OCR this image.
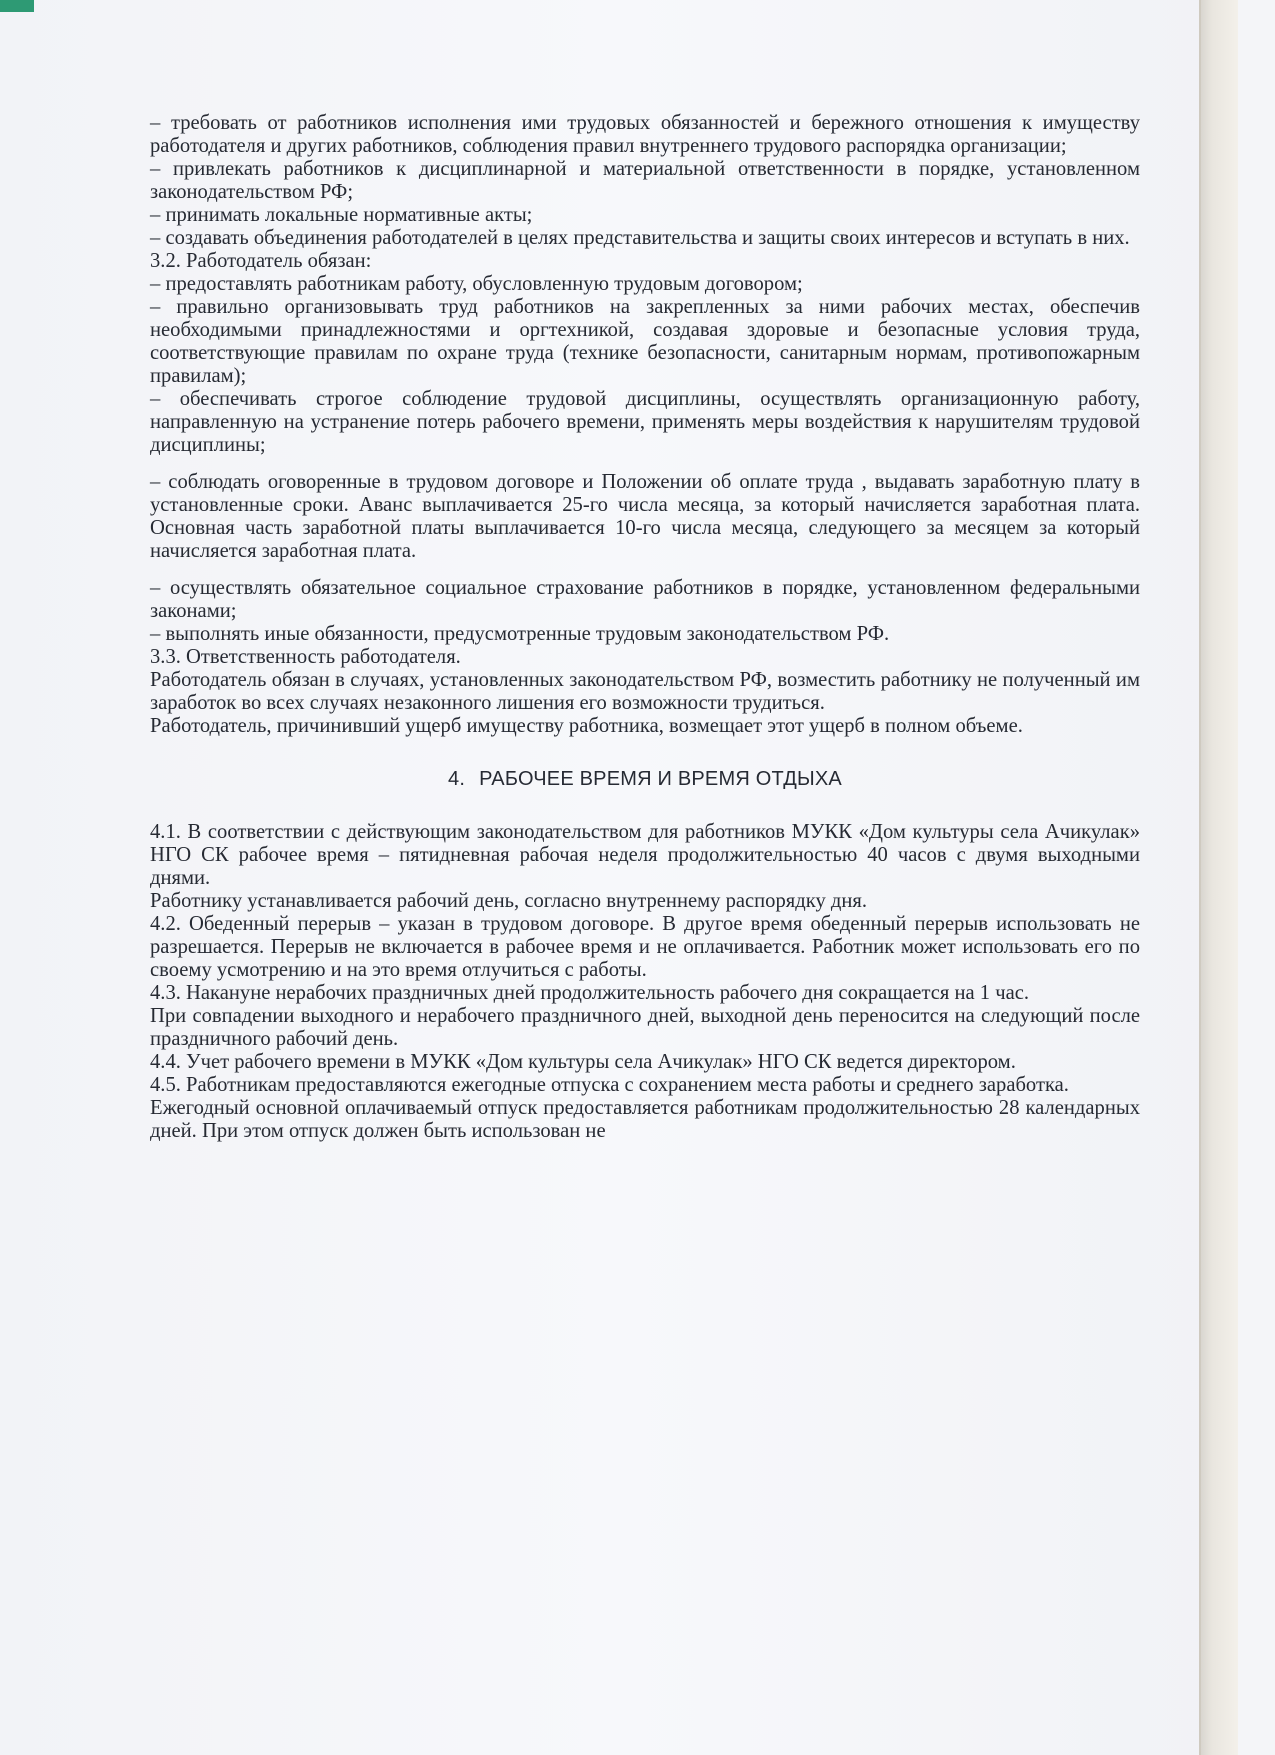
– требовать от работников исполнения ими трудовых обязанностей и бережного отношения к имуществу работодателя и других работников, соблюдения правил внутреннего трудового распорядка организации;

– привлекать работников к дисциплинарной и материальной ответственности в порядке, установленном законодательством РФ;

– принимать локальные нормативные акты;

– создавать объединения работодателей в целях представительства и защиты своих интересов и вступать в них.

3.2. Работодатель обязан:

– предоставлять работникам работу, обусловленную трудовым договором;

– правильно организовывать труд работников на закрепленных за ними рабочих местах, обеспечив необходимыми принадлежностями и оргтехникой, создавая здоровые и безопасные условия труда, соответствующие правилам по охране труда (технике безопасности, санитарным нормам, противопожарным правилам);

– обеспечивать строгое соблюдение трудовой дисциплины, осуществлять организационную работу, направленную на устранение потерь рабочего времени, применять меры воздействия к нарушителям трудовой дисциплины;

– соблюдать оговоренные в трудовом договоре и Положении об оплате труда , выдавать заработную плату в установленные сроки. Аванс выплачивается 25-го числа месяца, за который начисляется заработная плата. Основная часть заработной платы выплачивается 10-го числа месяца, следующего за месяцем за который начисляется заработная плата.

– осуществлять обязательное социальное страхование работников в порядке, установленном федеральными законами;

– выполнять иные обязанности, предусмотренные трудовым законодательством РФ.

3.3. Ответственность работодателя.

Работодатель обязан в случаях, установленных законодательством РФ, возместить работнику не полученный им заработок во всех случаях незаконного лишения его возможности трудиться.

Работодатель, причинивший ущерб имуществу работника, возмещает этот ущерб в полном объеме.

4. РАБОЧЕЕ ВРЕМЯ И ВРЕМЯ ОТДЫХА

4.1. В соответствии с действующим законодательством для работников МУКК «Дом культуры села Ачикулак» НГО СК рабочее время – пятидневная рабочая неделя продолжительностью 40 часов с двумя выходными днями.

Работнику устанавливается рабочий день, согласно внутреннему распорядку дня.

4.2. Обеденный перерыв – указан в трудовом договоре. В другое время обеденный перерыв использовать не разрешается. Перерыв не включается в рабочее время и не оплачивается. Работник может использовать его по своему усмотрению и на это время отлучиться с работы.

4.3. Накануне нерабочих праздничных дней продолжительность рабочего дня сокращается на 1 час.

При совпадении выходного и нерабочего праздничного дней, выходной день переносится на следующий после праздничного рабочий день.

4.4. Учет рабочего времени в МУКК «Дом культуры села Ачикулак» НГО СК ведется директором.

4.5. Работникам предоставляются ежегодные отпуска с сохранением места работы и среднего заработка.

Ежегодный основной оплачиваемый отпуск предоставляется работникам продолжительностью 28 календарных дней. При этом отпуск должен быть использован не
